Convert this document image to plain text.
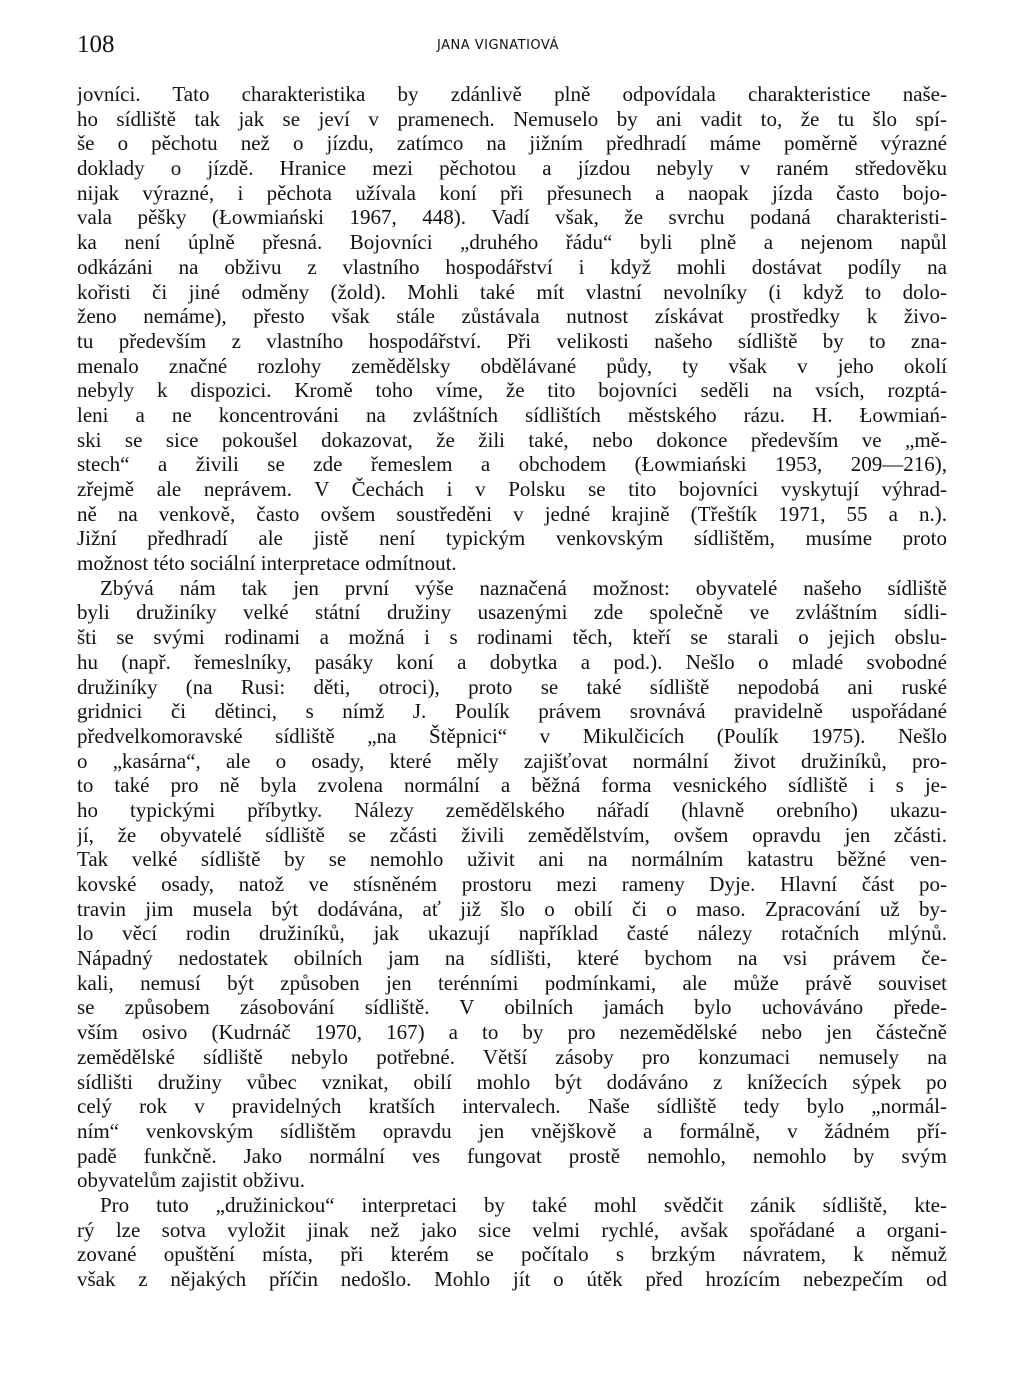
108	JANA VIGNATIOVÁ
jovníci. Tato charakteristika by zdánlivě plně odpovídala charakteristice naše-
ho sídliště tak jak se jeví v pramenech. Nemuselo by ani vadit to, že tu šlo spí-
še o pěchotu než o jízdu, zatímco na jižním předhradí máme poměrně výrazné
doklady o jízdě. Hranice mezi pěchotou a jízdou nebyly v raném středověku
nijak výrazné, i pěchota užívala koní při přesunech a naopak jízda často bojo-
vala pěšky (Łowmiański 1967, 448). Vadí však, že svrchu podaná charakteristi-
ka není úplně přesná. Bojovníci „druhého řádu“ byli plně a nejenom napůl
odkázáni na obživu z vlastního hospodářství i když mohli dostávat podíly na
kořisti či jiné odměny (žold). Mohli také mít vlastní nevolníky (i když to dolo-
ženo nemáme), přesto však stále zůstávala nutnost získávat prostředky k živo-
tu především z vlastního hospodářství. Při velikosti našeho sídliště by to zna-
menalo značné rozlohy zemědělsky obdělávané půdy, ty však v jeho okolí
nebyly k dispozici. Kromě toho víme, že tito bojovníci seděli na vsích, rozptá-
leni a ne koncentrováni na zvláštních sídlištích městského rázu. H. Łowmiań-
ski se sice pokoušel dokazovat, že žili také, nebo dokonce především ve „mě-
stech“ a živili se zde řemeslem a obchodem (Łowmiański 1953, 209—216),
zřejmě ale neprávem. V Čechách i v Polsku se tito bojovníci vyskytují výhrad-
ně na venkově, často ovšem soustředěni v jedné krajině (Třeštík 1971, 55 a n.).
Jižní předhradí ale jistě není typickým venkovským sídlištěm, musíme proto
možnost této sociální interpretace odmítnout.
Zbývá nám tak jen první výše naznačená možnost: obyvatelé našeho sídliště
byli družiníky velké státní družiny usazenými zde společně ve zvláštním sídli-
šti se svými rodinami a možná i s rodinami těch, kteří se starali o jejich obslu-
hu (např. řemeslníky, pasáky koní a dobytka a pod.). Nešlo o mladé svobodné
družiníky (na Rusi: děti, otroci), proto se také sídliště nepodobá ani ruské
gridnici či dětinci, s nímž J. Poulík právem srovnává pravidelně uspořádané
předvelkomoravské sídliště „na Štěpnici“ v Mikulčicích (Poulík 1975). Nešlo
o „kasárna“, ale o osady, které měly zajišťovat normální život družiníků, pro-
to také pro ně byla zvolena normální a běžná forma vesnického sídliště i s je-
ho typickými příbytky. Nálezy zemědělského nářadí (hlavně orebního) ukazu-
jí, že obyvatelé sídliště se zčásti živili zemědělstvím, ovšem opravdu jen zčásti.
Tak velké sídliště by se nemohlo uživit ani na normálním katastru běžné ven-
kovské osady, natož ve stísněném prostoru mezi rameny Dyje. Hlavní část po-
travin jim musela být dodávána, ať již šlo o obilí či o maso. Zpracování už by-
lo věcí rodin družiníků, jak ukazují například časté nálezy rotačních mlýnů.
Nápadný nedostatek obilních jam na sídlišti, které bychom na vsi právem če-
kali, nemusí být způsoben jen terénními podmínkami, ale může právě souviset
se způsobem zásobování sídliště. V obilních jamách bylo uchováváno přede-
vším osivo (Kudrnáč 1970, 167) a to by pro nezemědělské nebo jen částečně
zemědělské sídliště nebylo potřebné. Větší zásoby pro konzumaci nemusely na
sídlišti družiny vůbec vznikat, obilí mohlo být dodáváno z knížecích sýpek po
celý rok v pravidelných kratších intervalech. Naše sídliště tedy bylo „normál-
ním“ venkovským sídlištěm opravdu jen vnějškově a formálně, v žádném pří-
padě funkčně. Jako normální ves fungovat prostě nemohlo, nemohlo by svým
obyvatelům zajistit obživu.
Pro tuto „družinickou“ interpretaci by také mohl svědčit zánik sídliště, kte-
rý lze sotva vyložit jinak než jako sice velmi rychlé, avšak spořádané a organi-
zované opuštění místa, při kterém se počítalo s brzkým návratem, k němuž
však z nějakých příčin nedošlo. Mohlo jít o útěk před hrozícím nebezpečím od
